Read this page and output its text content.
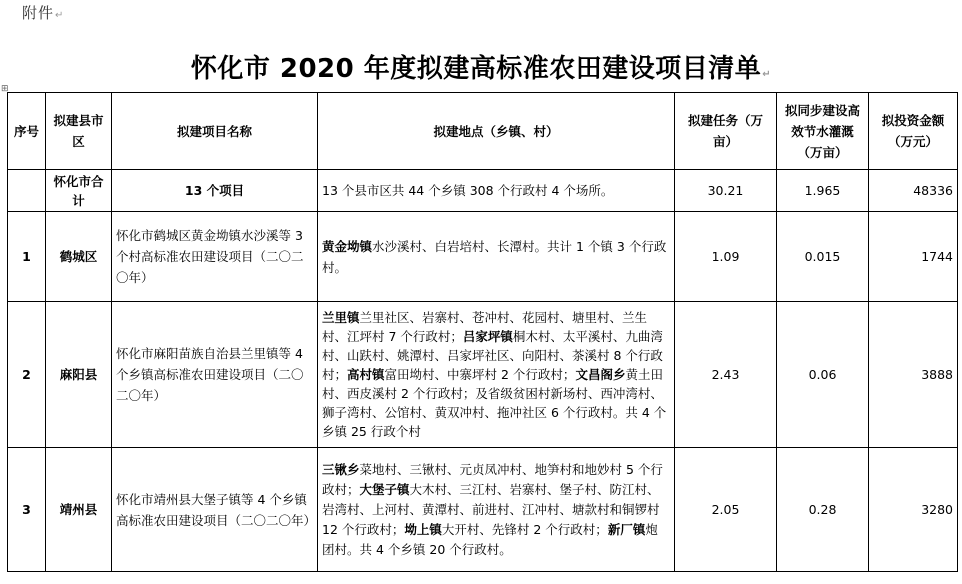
附件↵
怀化市 2020 年度拟建高标准农田建设项目清单↵
⊞
序号	拟建县市区	拟建项目名称	拟建地点（乡镇、村）	拟建任务（万亩）	拟同步建设高效节水灌溉（万亩）	拟投资金额（万元）
	怀化市合计	13 个项目	13 个县市区共 44 个乡镇 308 个行政村 4 个场所。	30.21	1.965	48336
1	鹤城区	怀化市鹤城区黄金坳镇水沙溪等 3 个村高标准农田建设项目（二〇二〇年）	黄金坳镇水沙溪村、白岩培村、长潭村。共计 1 个镇 3 个行政村。	1.09	0.015	1744
2	麻阳县	怀化市麻阳苗族自治县兰里镇等 4 个乡镇高标准农田建设项目（二〇二〇年）	兰里镇兰里社区、岩寨村、苍冲村、花园村、塘里村、兰生村、江坪村 7 个行政村；吕家坪镇桐木村、太平溪村、九曲湾村、山趺村、姚潭村、吕家坪社区、向阳村、茶溪村 8 个行政村；高村镇富田坳村、中寨坪村 2 个行政村；文昌阁乡黄土田村、西皮溪村 2 个行政村；及省级贫困村新场村、西冲湾村、狮子湾村、公馆村、黄双冲村、拖冲社区 6 个行政村。共 4 个乡镇 25 行政个村	2.43	0.06	3888
3	靖州县	怀化市靖州县大堡子镇等 4 个乡镇高标准农田建设项目（二〇二〇年）	三锹乡菜地村、三锹村、元贞凤冲村、地笋村和地妙村 5 个行政村；大堡子镇大木村、三江村、岩寨村、堡子村、防江村、岩湾村、上河村、黄潭村、前进村、江冲村、塘款村和铜锣村 12 个行政村；坳上镇大开村、先锋村 2 个行政村；新厂镇炮团村。共 4 个乡镇 20 个行政村。	2.05	0.28	3280
